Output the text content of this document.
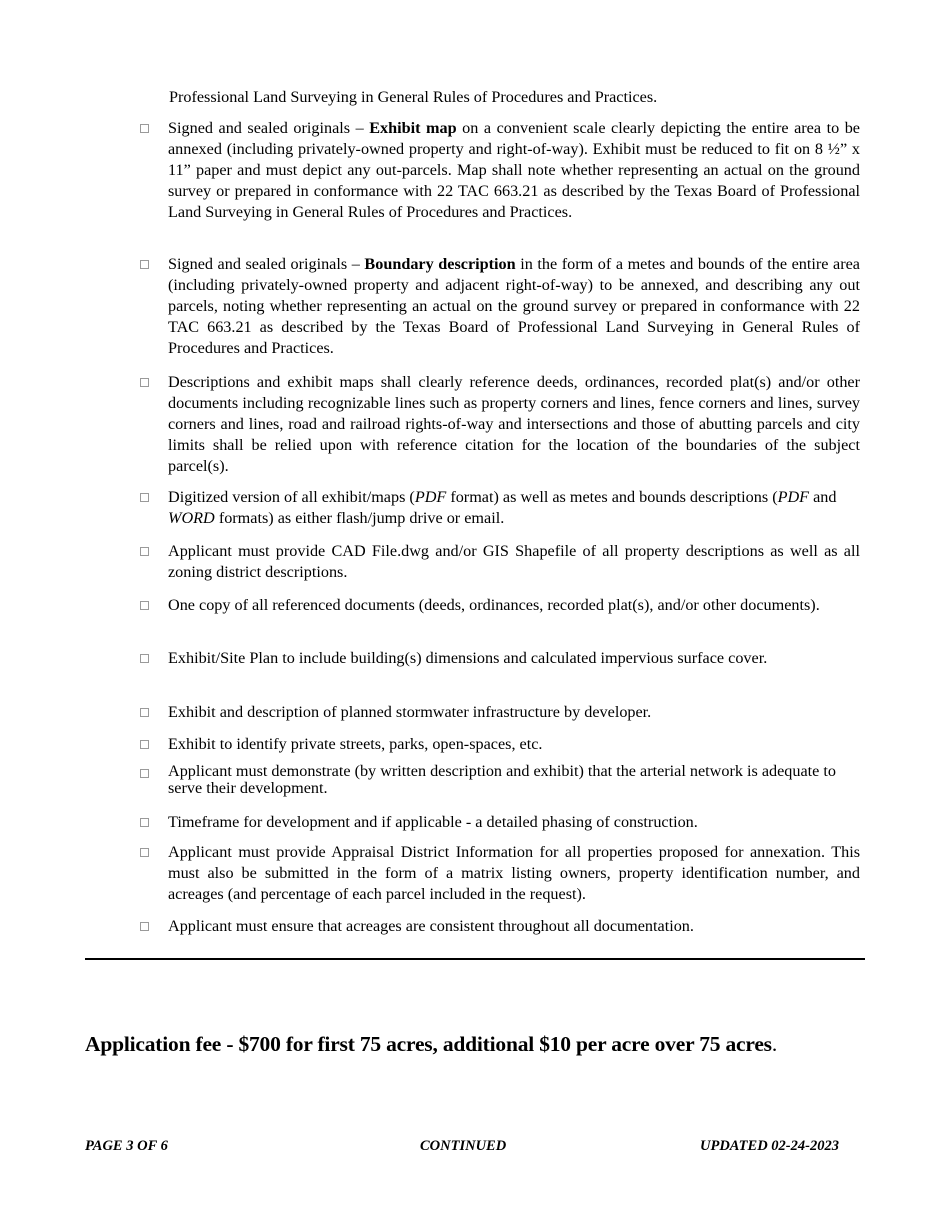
Professional Land Surveying in General Rules of Procedures and Practices.
Signed and sealed originals – Exhibit map on a convenient scale clearly depicting the entire area to be annexed (including privately-owned property and right-of-way). Exhibit must be reduced to fit on 8 ½” x 11” paper and must depict any out-parcels. Map shall note whether representing an actual on the ground survey or prepared in conformance with 22 TAC 663.21 as described by the Texas Board of Professional Land Surveying in General Rules of Procedures and Practices.
Signed and sealed originals – Boundary description in the form of a metes and bounds of the entire area (including privately-owned property and adjacent right-of-way) to be annexed, and describing any out parcels, noting whether representing an actual on the ground survey or prepared in conformance with 22 TAC 663.21 as described by the Texas Board of Professional Land Surveying in General Rules of Procedures and Practices.
Descriptions and exhibit maps shall clearly reference deeds, ordinances, recorded plat(s) and/or other documents including recognizable lines such as property corners and lines, fence corners and lines, survey corners and lines, road and railroad rights-of-way and intersections and those of abutting parcels and city limits shall be relied upon with reference citation for the location of the boundaries of the subject parcel(s).
Digitized version of all exhibit/maps (PDF format) as well as metes and bounds descriptions (PDF and WORD formats) as either flash/jump drive or email.
Applicant must provide CAD File.dwg and/or GIS Shapefile of all property descriptions as well as all zoning district descriptions.
One copy of all referenced documents (deeds, ordinances, recorded plat(s), and/or other documents).
Exhibit/Site Plan to include building(s) dimensions and calculated impervious surface cover.
Exhibit and description of planned stormwater infrastructure by developer.
Exhibit to identify private streets, parks, open-spaces, etc.
Applicant must demonstrate (by written description and exhibit) that the arterial network is adequate to serve their development.
Timeframe for development and if applicable - a detailed phasing of construction.
Applicant must provide Appraisal District Information for all properties proposed for annexation. This must also be submitted in the form of a matrix listing owners, property identification number, and acreages (and percentage of each parcel included in the request).
Applicant must ensure that acreages are consistent throughout all documentation.
Application fee - $700 for first 75 acres, additional $10 per acre over 75 acres.
PAGE 3 OF 6	CONTINUED	UPDATED 02-24-2023
